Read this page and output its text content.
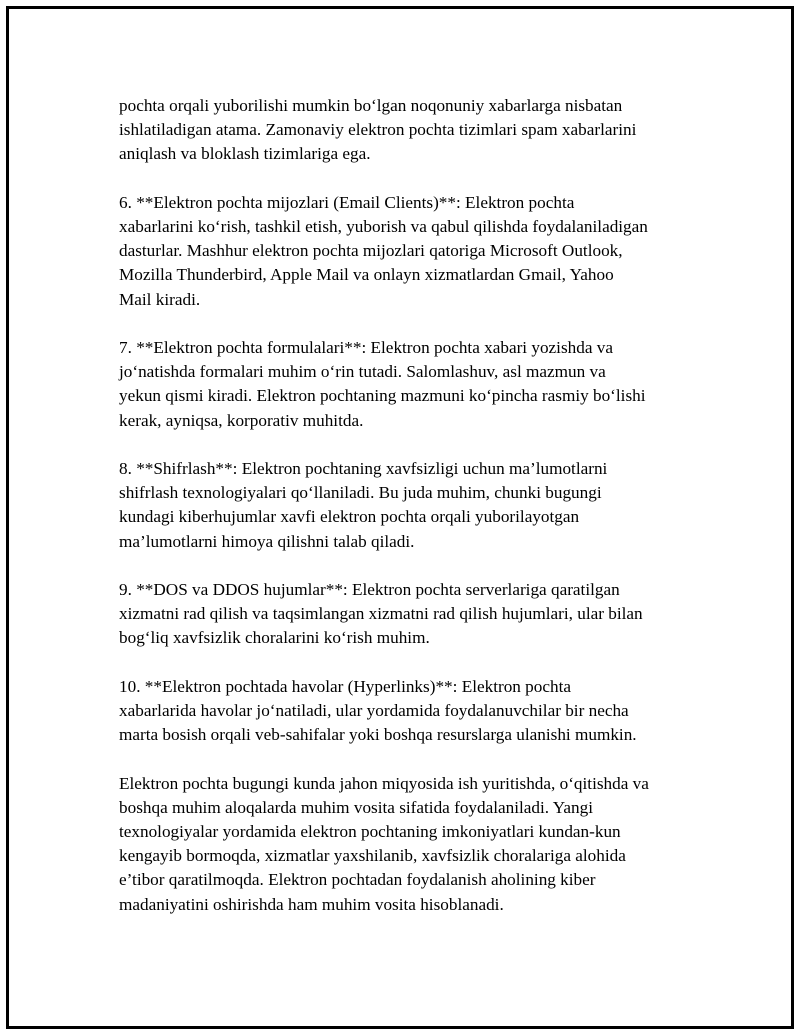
pochta orqali yuborilishi mumkin bo‘lgan noqonuniy xabarlarga nisbatan
ishlatiladigan atama. Zamonaviy elektron pochta tizimlari spam xabarlarini
aniqlash va bloklash tizimlariga ega.

6. **Elektron pochta mijozlari (Email Clients)**: Elektron pochta
xabarlarini ko‘rish, tashkil etish, yuborish va qabul qilishda foydalaniladigan
dasturlar. Mashhur elektron pochta mijozlari qatoriga Microsoft Outlook,
Mozilla Thunderbird, Apple Mail va onlayn xizmatlardan Gmail, Yahoo
Mail kiradi.

7. **Elektron pochta formulalari**: Elektron pochta xabari yozishda va
jo‘natishda formalari muhim o‘rin tutadi. Salomlashuv, asl mazmun va
yekun qismi kiradi. Elektron pochtaning mazmuni ko‘pincha rasmiy bo‘lishi
kerak, ayniqsa, korporativ muhitda.

8. **Shifrlash**: Elektron pochtaning xavfsizligi uchun ma’lumotlarni
shifrlash texnologiyalari qo‘llaniladi. Bu juda muhim, chunki bugungi
kundagi kiberhujumlar xavfi elektron pochta orqali yuborilayotgan
ma’lumotlarni himoya qilishni talab qiladi.

9. **DOS va DDOS hujumlar**: Elektron pochta serverlariga qaratilgan
xizmatni rad qilish va taqsimlangan xizmatni rad qilish hujumlari, ular bilan
bog‘liq xavfsizlik choralarini ko‘rish muhim.

10. **Elektron pochtada havolar (Hyperlinks)**: Elektron pochta
xabarlarida havolar jo‘natiladi, ular yordamida foydalanuvchilar bir necha
marta bosish orqali veb-sahifalar yoki boshqa resurslarga ulanishi mumkin.

Elektron pochta bugungi kunda jahon miqyosida ish yuritishda, o‘qitishda va
boshqa muhim aloqalarda muhim vosita sifatida foydalaniladi. Yangi
texnologiyalar yordamida elektron pochtaning imkoniyatlari kundan-kun
kengayib bormoqda, xizmatlar yaxshilanib, xavfsizlik choralariga alohida
e’tibor qaratilmoqda. Elektron pochtadan foydalanish aholining kiber
madaniyatini oshirishda ham muhim vosita hisoblanadi.
